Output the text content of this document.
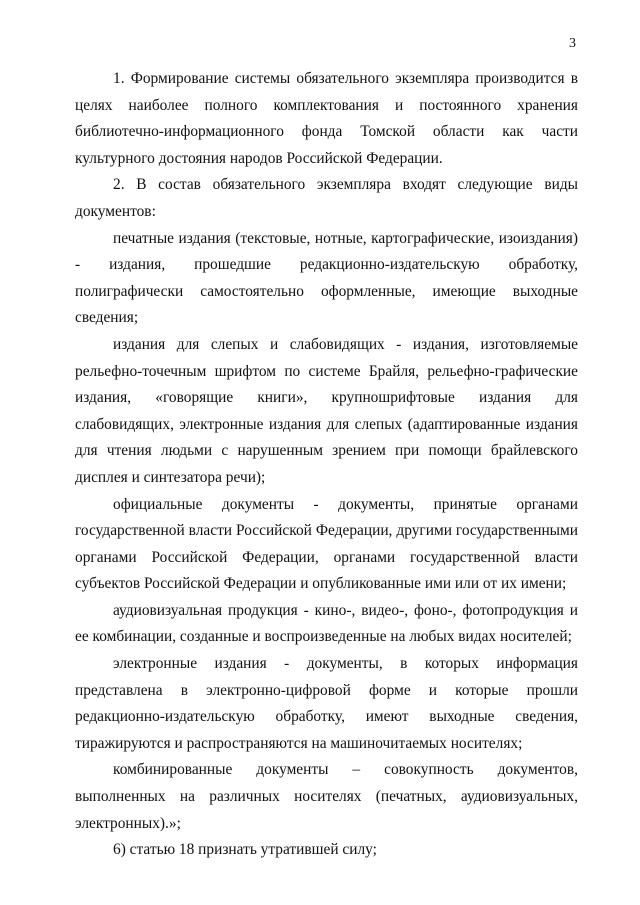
3

1. Формирование системы обязательного экземпляра производится в целях наиболее полного комплектования и постоянного хранения библиотечно-информационного фонда Томской области как части культурного достояния народов Российской Федерации.

2. В состав обязательного экземпляра входят следующие виды документов:

печатные издания (текстовые, нотные, картографические, изоиздания) - издания, прошедшие редакционно-издательскую обработку, полиграфически самостоятельно оформленные, имеющие выходные сведения;

издания для слепых и слабовидящих - издания, изготовляемые рельефно-точечным шрифтом по системе Брайля, рельефно-графические издания, «говорящие книги», крупношрифтовые издания для слабовидящих, электронные издания для слепых (адаптированные издания для чтения людьми с нарушенным зрением при помощи брайлевского дисплея и синтезатора речи);

официальные документы - документы, принятые органами государственной власти Российской Федерации, другими государственными органами Российской Федерации, органами государственной власти субъектов Российской Федерации и опубликованные ими или от их имени;

аудиовизуальная продукция - кино-, видео-, фоно-, фотопродукция и ее комбинации, созданные и воспроизведенные на любых видах носителей;

электронные издания - документы, в которых информация представлена в электронно-цифровой форме и которые прошли редакционно-издательскую обработку, имеют выходные сведения, тиражируются и распространяются на машиночитаемых носителях;

комбинированные документы – совокупность документов, выполненных на различных носителях (печатных, аудиовизуальных, электронных).»;

6) статью 18 признать утратившей силу;
